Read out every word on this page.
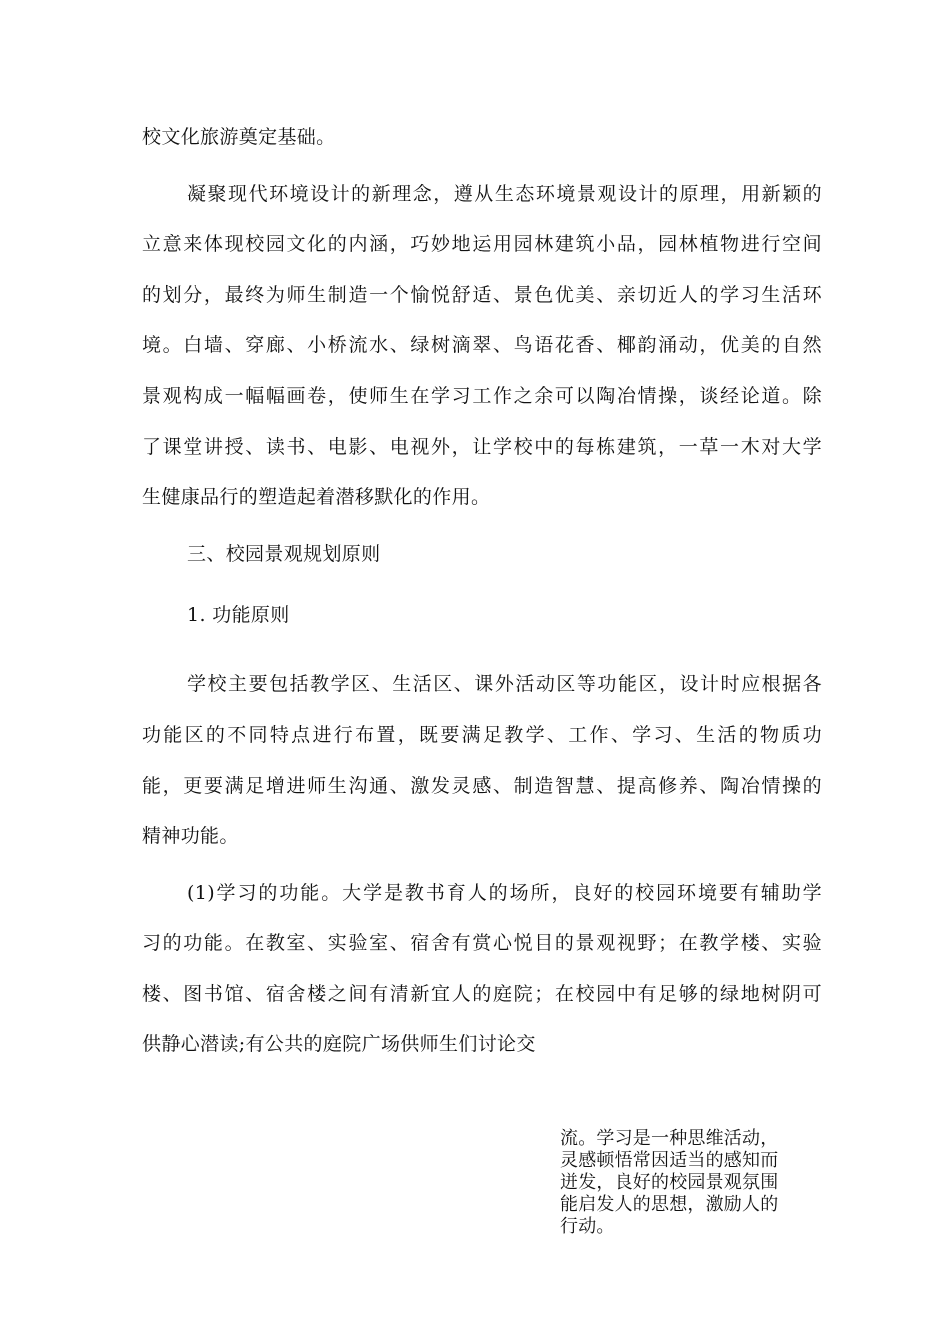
校文化旅游奠定基础。
凝聚现代环境设计的新理念，遵从生态环境景观设计的原理，用新颖的
立意来体现校园文化的内涵，巧妙地运用园林建筑小品，园林植物进行空间
的划分，最终为师生制造一个愉悦舒适、景色优美、亲切近人的学习生活环
境。白墙、穿廊、小桥流水、绿树滴翠、鸟语花香、椰韵涌动，优美的自然
景观构成一幅幅画卷，使师生在学习工作之余可以陶冶情操，谈经论道。除
了课堂讲授、读书、电影、电视外，让学校中的每栋建筑，一草一木对大学
生健康品行的塑造起着潜移默化的作用。
三、校园景观规划原则
1. 功能原则
学校主要包括教学区、生活区、课外活动区等功能区，设计时应根据各
功能区的不同特点进行布置，既要满足教学、工作、学习、生活的物质功
能，更要满足增进师生沟通、激发灵感、制造智慧、提高修养、陶冶情操的
精神功能。
(1)学习的功能。大学是教书育人的场所，良好的校园环境要有辅助学
习的功能。在教室、实验室、宿舍有赏心悦目的景观视野；在教学楼、实验
楼、图书馆、宿舍楼之间有清新宜人的庭院；在校园中有足够的绿地树阴可
供静心潜读;有公共的庭院广场供师生们讨论交
流。学习是一种思维活动，
灵感顿悟常因适当的感知而
迸发，良好的校园景观氛围
能启发人的思想，激励人的
行动。
